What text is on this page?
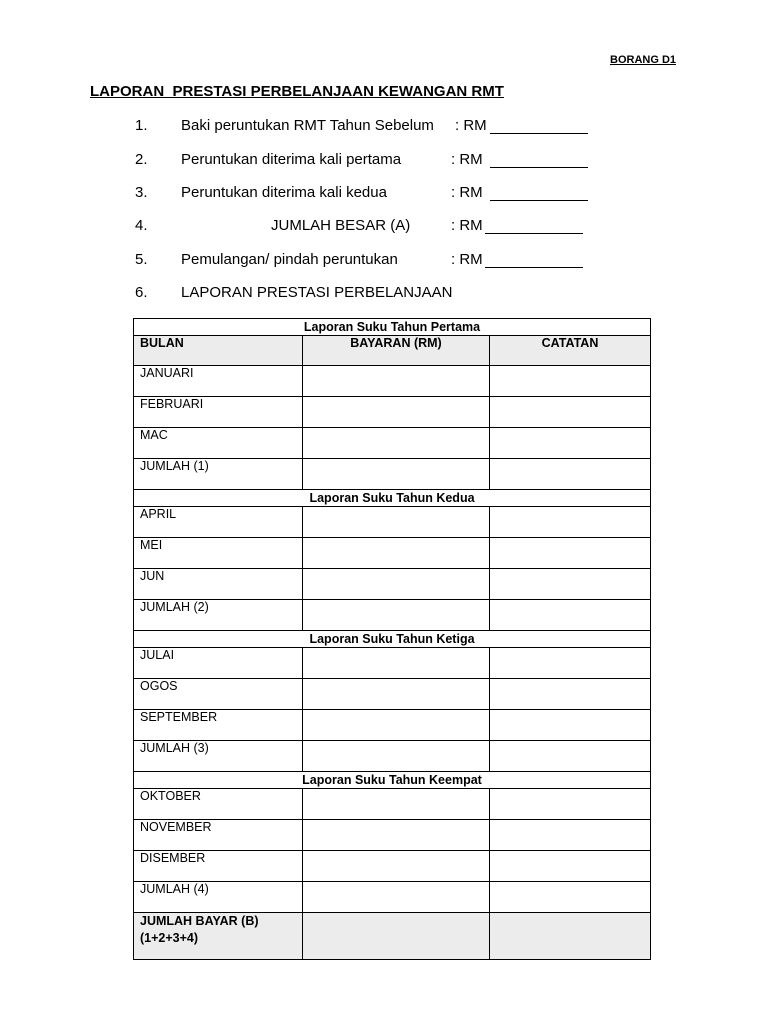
BORANG D1
LAPORAN  PRESTASI PERBELANJAAN KEWANGAN RMT
1. Baki peruntukan RMT Tahun Sebelum : RM
2. Peruntukan diterima kali pertama	: RM
3. Peruntukan diterima kali kedua	: RM
4.	JUMLAH BESAR (A)	: RM
5. Pemulangan/ pindah peruntukan	: RM
6. LAPORAN PRESTASI PERBELANJAAN
Laporan Suku Tahun Pertama		
BULAN	BAYARAN (RM)	CATATAN
JANUARI		
FEBRUARI		
MAC		
JUMLAH (1)		
Laporan Suku Tahun Kedua		
APRIL		
MEI		
JUN		
JUMLAH (2)		
Laporan Suku Tahun Ketiga		
JULAI		
OGOS		
SEPTEMBER		
JUMLAH (3)		
Laporan Suku Tahun Keempat		
OKTOBER		
NOVEMBER		
DISEMBER		
JUMLAH (4)		

JUMLAH BAYAR (B)
(1+2+3+4)		
